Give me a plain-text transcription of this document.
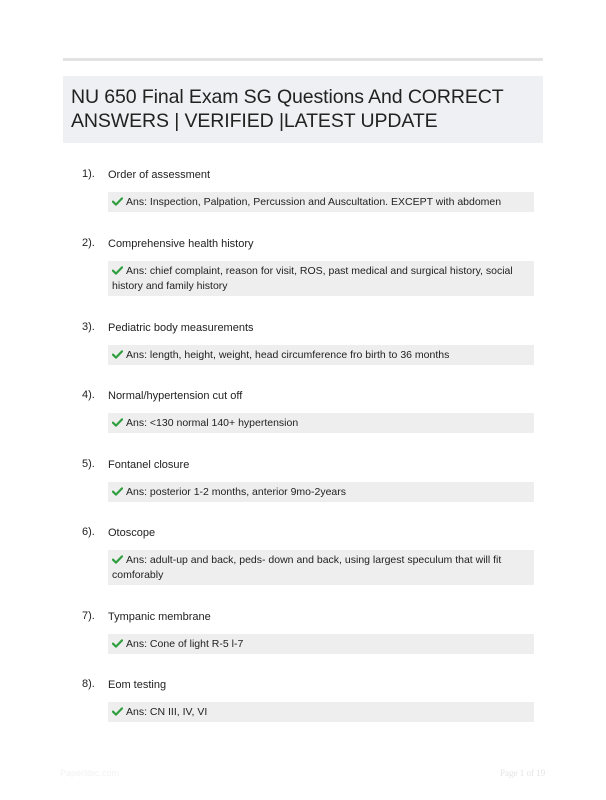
NU 650 Final Exam SG Questions And CORRECT
ANSWERS | VERIFIED |LATEST UPDATE
1). Order of assessment
Ans: Inspection, Palpation, Percussion and Auscultation. EXCEPT with abdomen
2). Comprehensive health history
Ans: chief complaint, reason for visit, ROS, past medical and surgical history, social history and family history
3). Pediatric body measurements
Ans: length, height, weight, head circumference fro birth to 36 months
4). Normal/hypertension cut off
Ans: <130 normal 140+ hypertension
5). Fontanel closure
Ans: posterior 1-2 months, anterior 9mo-2years
6). Otoscope
Ans: adult-up and back, peds- down and back, using largest speculum that will fit comforably
7). Tympanic membrane
Ans: Cone of light R-5 l-7
8). Eom testing
Ans: CN III, IV, VI
Paperlibic.com	Page 1 of 19
